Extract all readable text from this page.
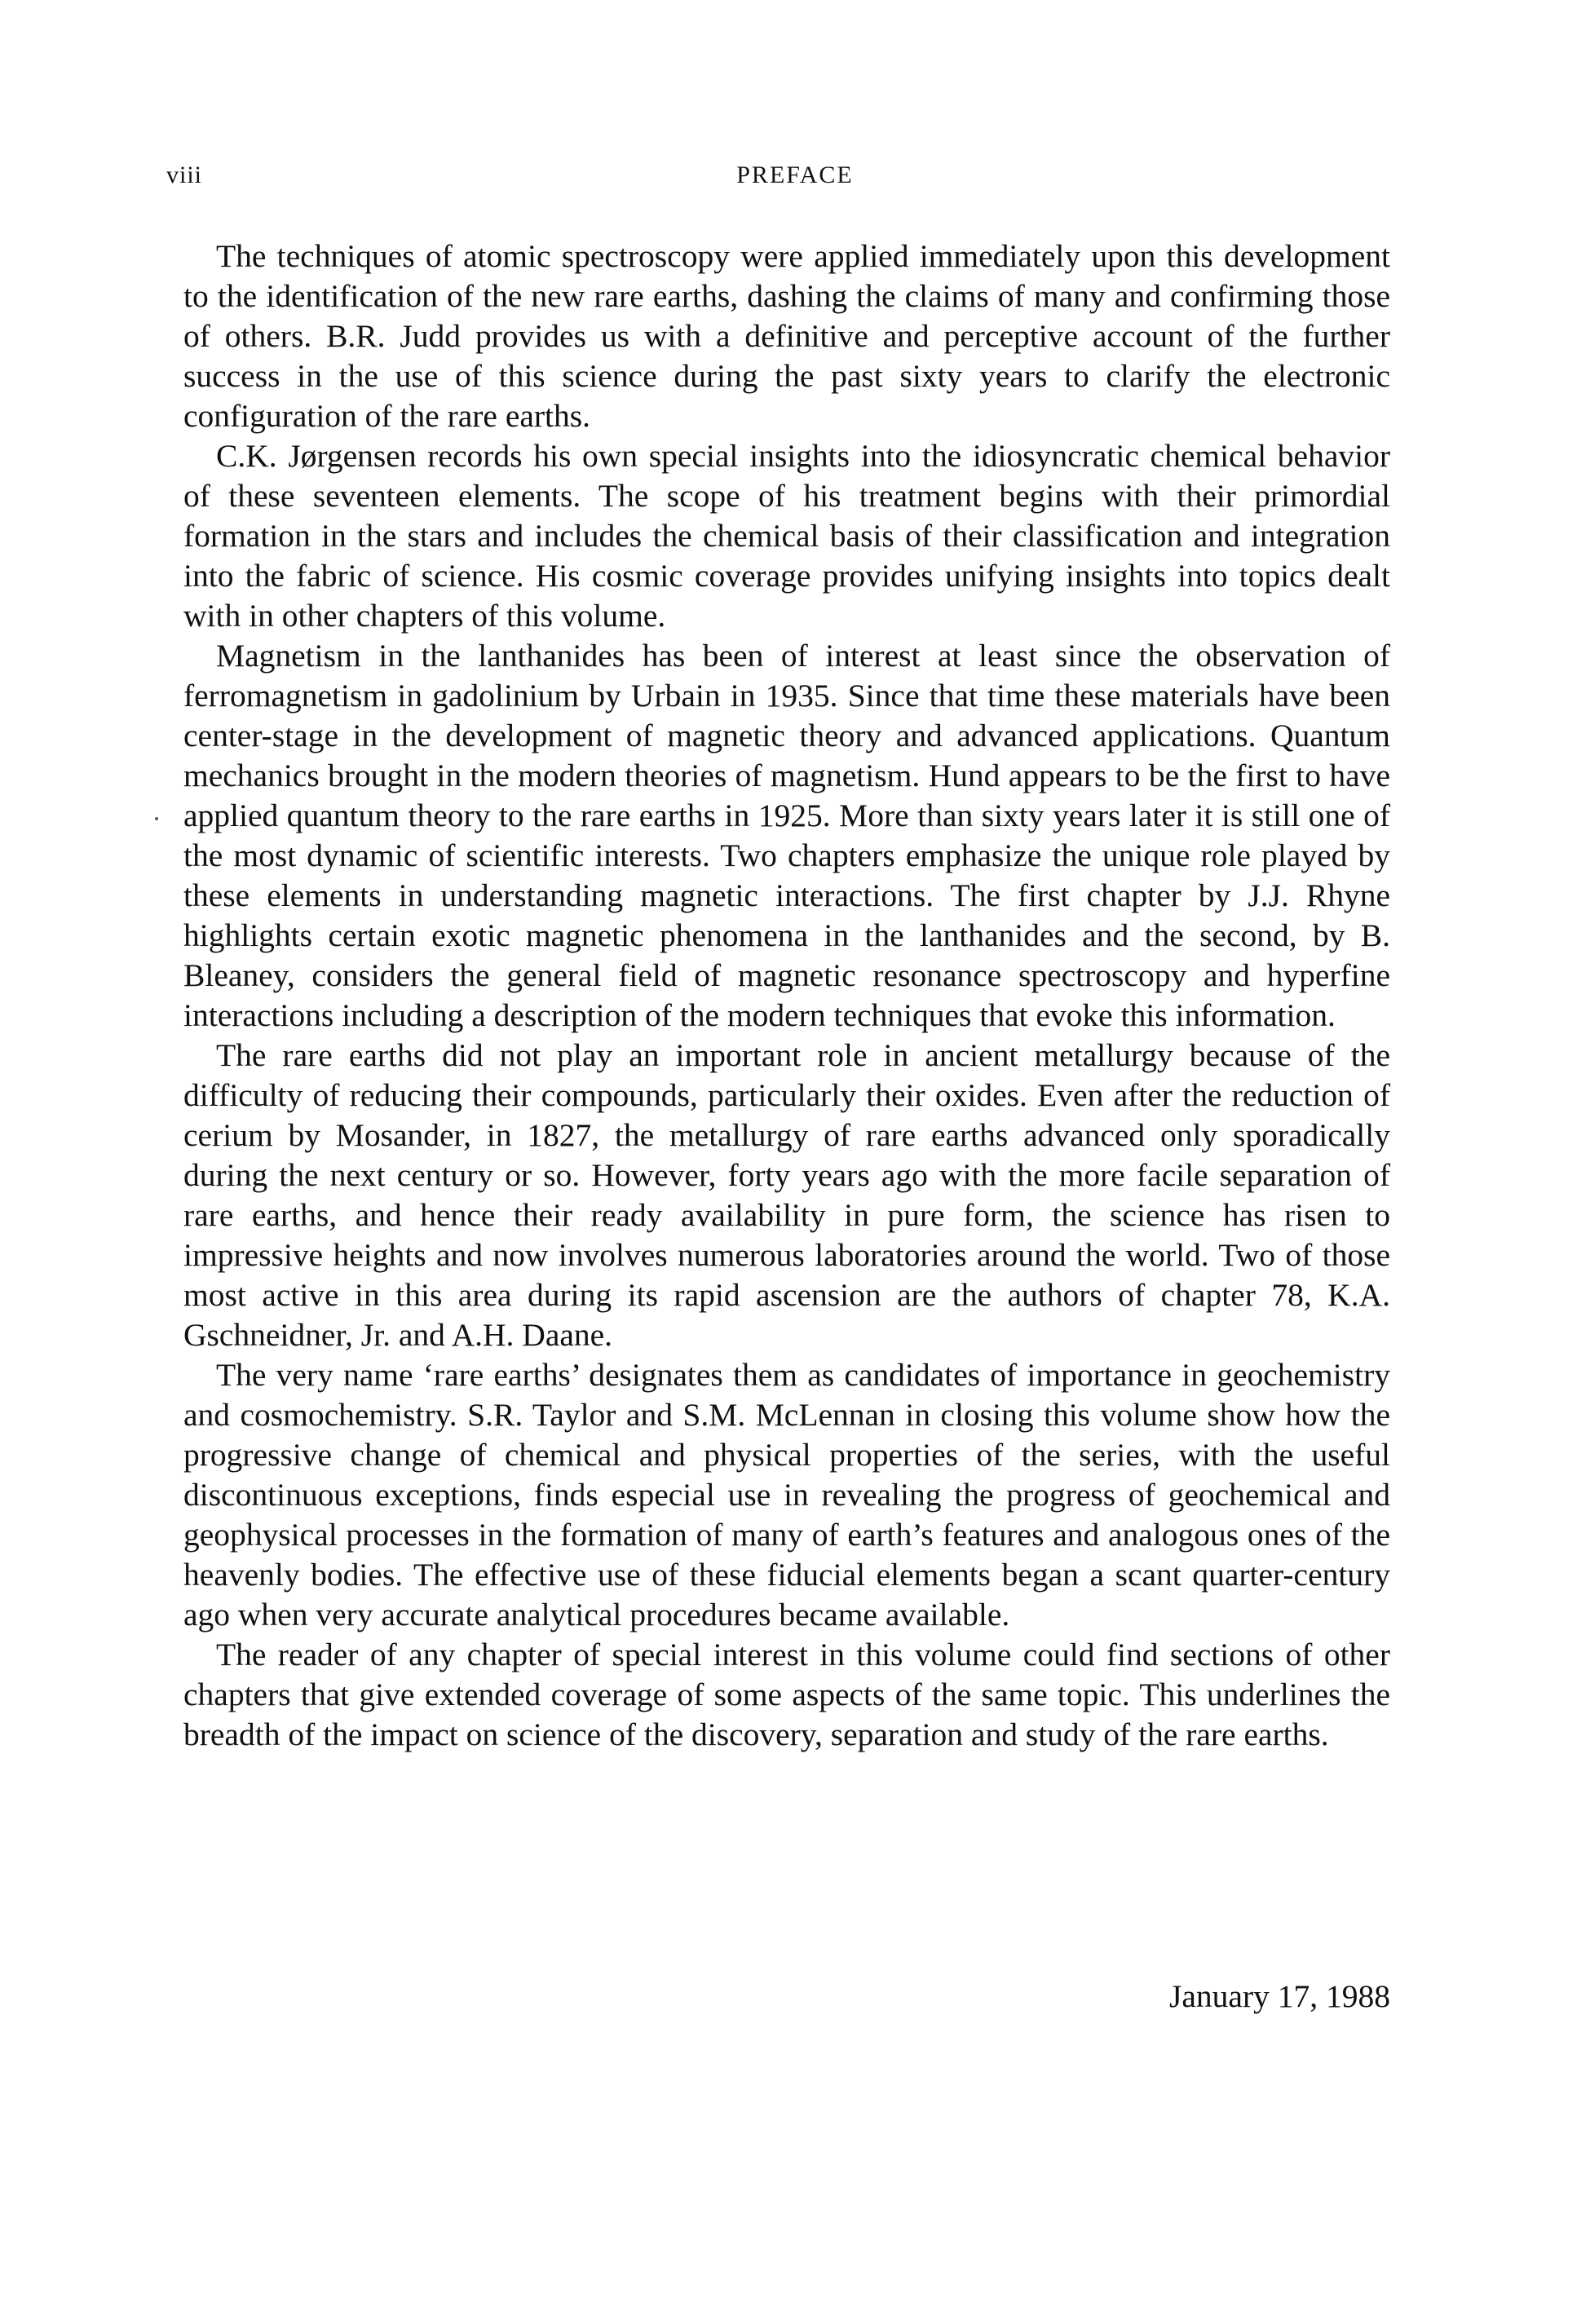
viii	PREFACE

The techniques of atomic spectroscopy were applied immediately upon this development to the identification of the new rare earths, dashing the claims of many and confirming those of others. B.R. Judd provides us with a definitive and perceptive account of the further success in the use of this science during the past sixty years to clarify the electronic configuration of the rare earths.

C.K. Jørgensen records his own special insights into the idiosyncratic chemical behavior of these seventeen elements. The scope of his treatment begins with their primordial formation in the stars and includes the chemical basis of their classification and integration into the fabric of science. His cosmic coverage provides unifying insights into topics dealt with in other chapters of this volume.

Magnetism in the lanthanides has been of interest at least since the observation of ferromagnetism in gadolinium by Urbain in 1935. Since that time these materials have been center-stage in the development of magnetic theory and advanced applications. Quantum mechanics brought in the modern theories of magnetism. Hund appears to be the first to have applied quantum theory to the rare earths in 1925. More than sixty years later it is still one of the most dynamic of scientific interests. Two chapters emphasize the unique role played by these elements in understanding magnetic interactions. The first chapter by J.J. Rhyne highlights certain exotic magnetic phenomena in the lanthanides and the second, by B. Bleaney, considers the general field of magnetic resonance spectroscopy and hyperfine interactions including a description of the modern techniques that evoke this information.

The rare earths did not play an important role in ancient metallurgy because of the difficulty of reducing their compounds, particularly their oxides. Even after the reduction of cerium by Mosander, in 1827, the metallurgy of rare earths advanced only sporadically during the next century or so. However, forty years ago with the more facile separation of rare earths, and hence their ready availability in pure form, the science has risen to impressive heights and now involves numerous laboratories around the world. Two of those most active in this area during its rapid ascension are the authors of chapter 78, K.A. Gschneidner, Jr. and A.H. Daane.

The very name ‘rare earths’ designates them as candidates of importance in geochemistry and cosmochemistry. S.R. Taylor and S.M. McLennan in closing this volume show how the progressive change of chemical and physical properties of the series, with the useful discontinuous exceptions, finds especial use in revealing the progress of geochemical and geophysical processes in the formation of many of earth’s features and analogous ones of the heavenly bodies. The effective use of these fiducial elements began a scant quarter-century ago when very accurate analytical procedures became available.

The reader of any chapter of special interest in this volume could find sections of other chapters that give extended coverage of some aspects of the same topic. This underlines the breadth of the impact on science of the discovery, separation and study of the rare earths.

January 17, 1988
